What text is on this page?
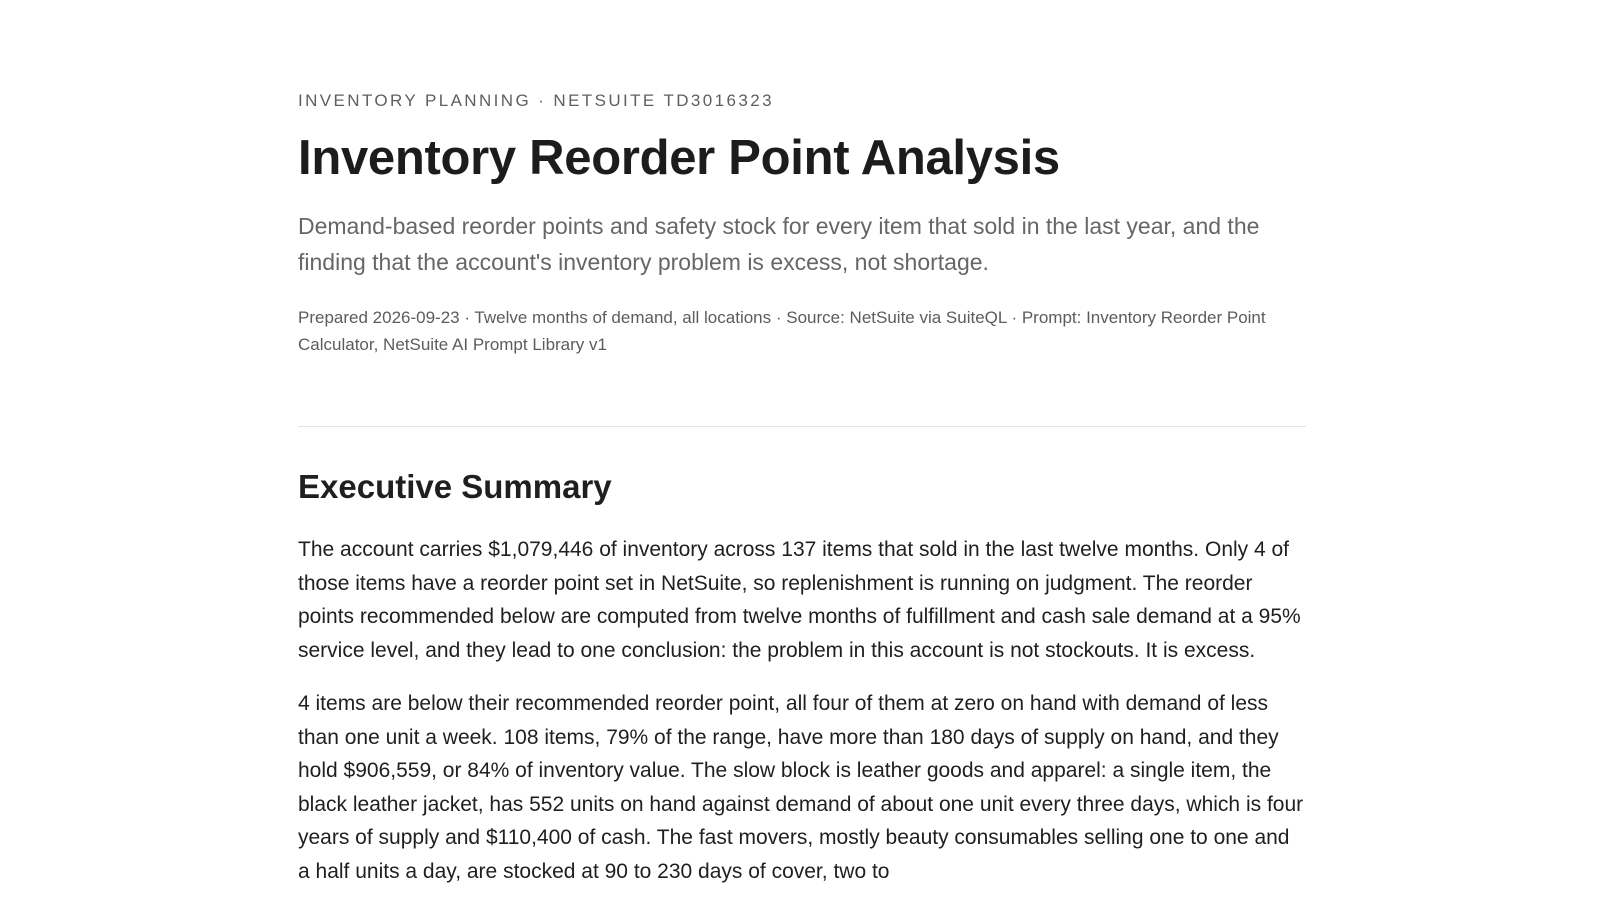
INVENTORY PLANNING · NETSUITE TD3016323

Inventory Reorder Point Analysis

Demand-based reorder points and safety stock for every item that sold in the last year, and the finding that the account's inventory problem is excess, not shortage.

Prepared 2026-09-23 · Twelve months of demand, all locations · Source: NetSuite via SuiteQL · Prompt: Inventory Reorder Point Calculator, NetSuite AI Prompt Library v1

Executive Summary

The account carries $1,079,446 of inventory across 137 items that sold in the last twelve months. Only 4 of those items have a reorder point set in NetSuite, so replenishment is running on judgment. The reorder points recommended below are computed from twelve months of fulfillment and cash sale demand at a 95% service level, and they lead to one conclusion: the problem in this account is not stockouts. It is excess.

4 items are below their recommended reorder point, all four of them at zero on hand with demand of less than one unit a week. 108 items, 79% of the range, have more than 180 days of supply on hand, and they hold $906,559, or 84% of inventory value. The slow block is leather goods and apparel: a single item, the black leather jacket, has 552 units on hand against demand of about one unit every three days, which is four years of supply and $110,400 of cash. The fast movers, mostly beauty consumables selling one to one and a half units a day, are stocked at 90 to 230 days of cover, two to
